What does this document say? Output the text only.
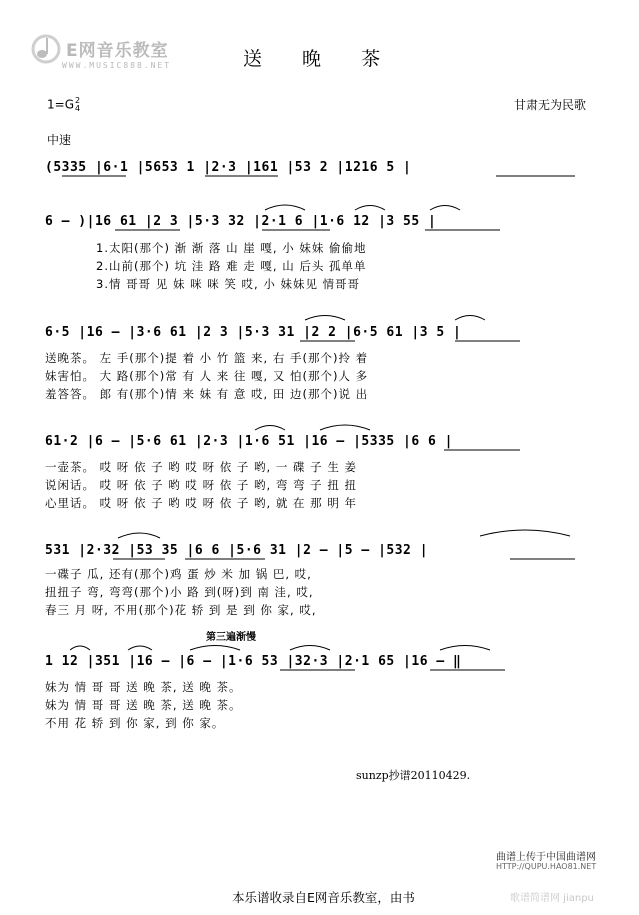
E网音乐教室
WWW.MUSIC888.NET	送 晚 茶
1=G2
4	甘肃无为民歌
中速
(5335 |6·1 |5653 1 |2·3 |161 |53 2 |1216 5 |
6 – )|16 61 |2 3 |5·3 32 |2·1 6 |1·6 12 |3 55 |
1.太阳(那个) 渐 渐 落 山 崖 嘎, 小 妹妹 偷偷地
2.山前(那个) 坑 洼 路 难 走 嘎, 山 后头 孤单单
3.情 哥哥 见 妹 咪 咪 笑 哎, 小 妹妹见 情哥哥
6·5 |16 – |3·6 61 |2 3 |5·3 31 |2 2 |6·5 61 |3 5 |
送晚茶。 左 手(那个)提 着 小 竹 篮 来, 右 手(那个)拎 着
妹害怕。 大 路(那个)常 有 人 来 往 嘎, 又 怕(那个)人 多
羞答答。 郎 有(那个)情 来 妹 有 意 哎, 田 边(那个)说 出
61·2 |6 – |5·6 61 |2·3 |1·6 51 |16 – |5335 |6 6 |
一壶茶。 哎 呀 依 子 哟 哎 呀 依 子 哟, 一 碟 子 生 姜
说闲话。 哎 呀 依 子 哟 哎 呀 依 子 哟, 弯 弯 子 扭 扭
心里话。 哎 呀 依 子 哟 哎 呀 依 子 哟, 就 在 那 明 年
531 |2·32 |53 35 |6 6 |5·6 31 |2 – |5 – |532 |
一碟子 瓜, 还有(那个)鸡 蛋 炒 米 加 锅 巴, 哎,
扭扭子 弯, 弯弯(那个)小 路 到(呀)到 南 洼, 哎,
春三 月 呀, 不用(那个)花 轿 到 是 到 你 家, 哎,
第三遍渐慢
1 12 |351 |16 – |6 – |1·6 53 |32·3 |2·1 65 |16 – ‖
妹为 情 哥 哥 送 晚 茶, 送 晚 茶。
妹为 情 哥 哥 送 晚 茶, 送 晚 茶。
不用 花 轿 到 你 家, 到 你 家。
sunzp抄谱20110429.
曲谱上传于中国曲谱网
HTTP://QUPU.HAO81.NET
歌谱简谱网 jianpu
本乐谱收录自E网音乐教室，由书
